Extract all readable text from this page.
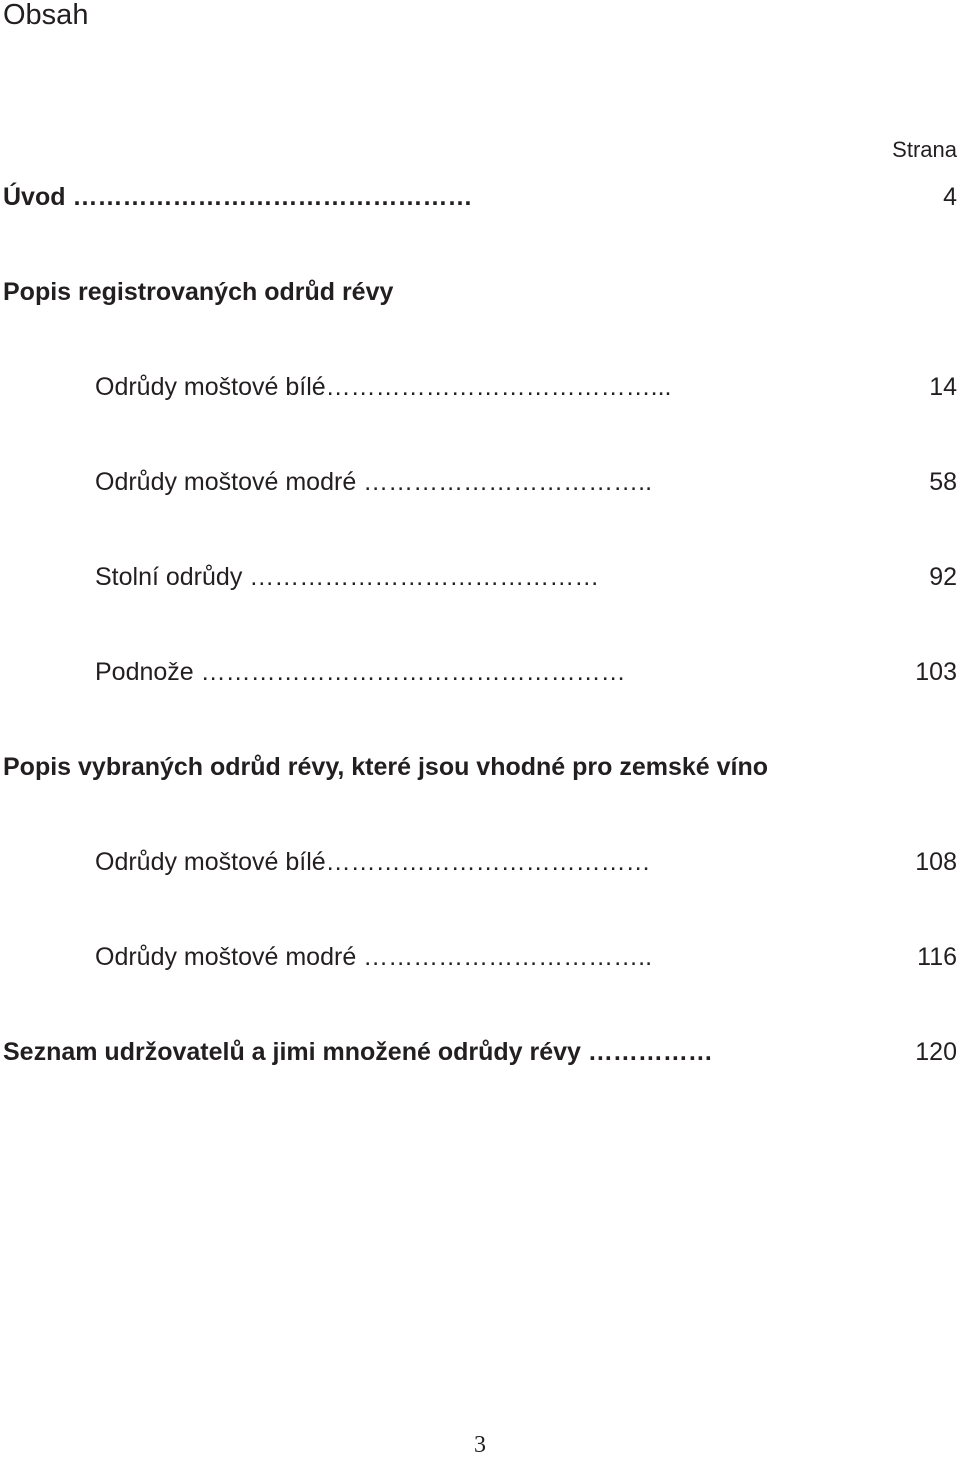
Obsah
Strana
Úvod …………………………………………	4
Popis registrovaných odrůd révy
Odrůdy moštové bílé…………………………………...	14
Odrůdy moštové modré ……………………………..	58
Stolní odrůdy ……………………………………	92
Podnože ……………………………………………	103
Popis vybraných odrůd révy, které jsou vhodné pro zemské víno
Odrůdy moštové bílé…………………………………	108
Odrůdy moštové modré ……………………………..	116
Seznam udržovatelů a jimi množené odrůdy révy ……………	120
3
